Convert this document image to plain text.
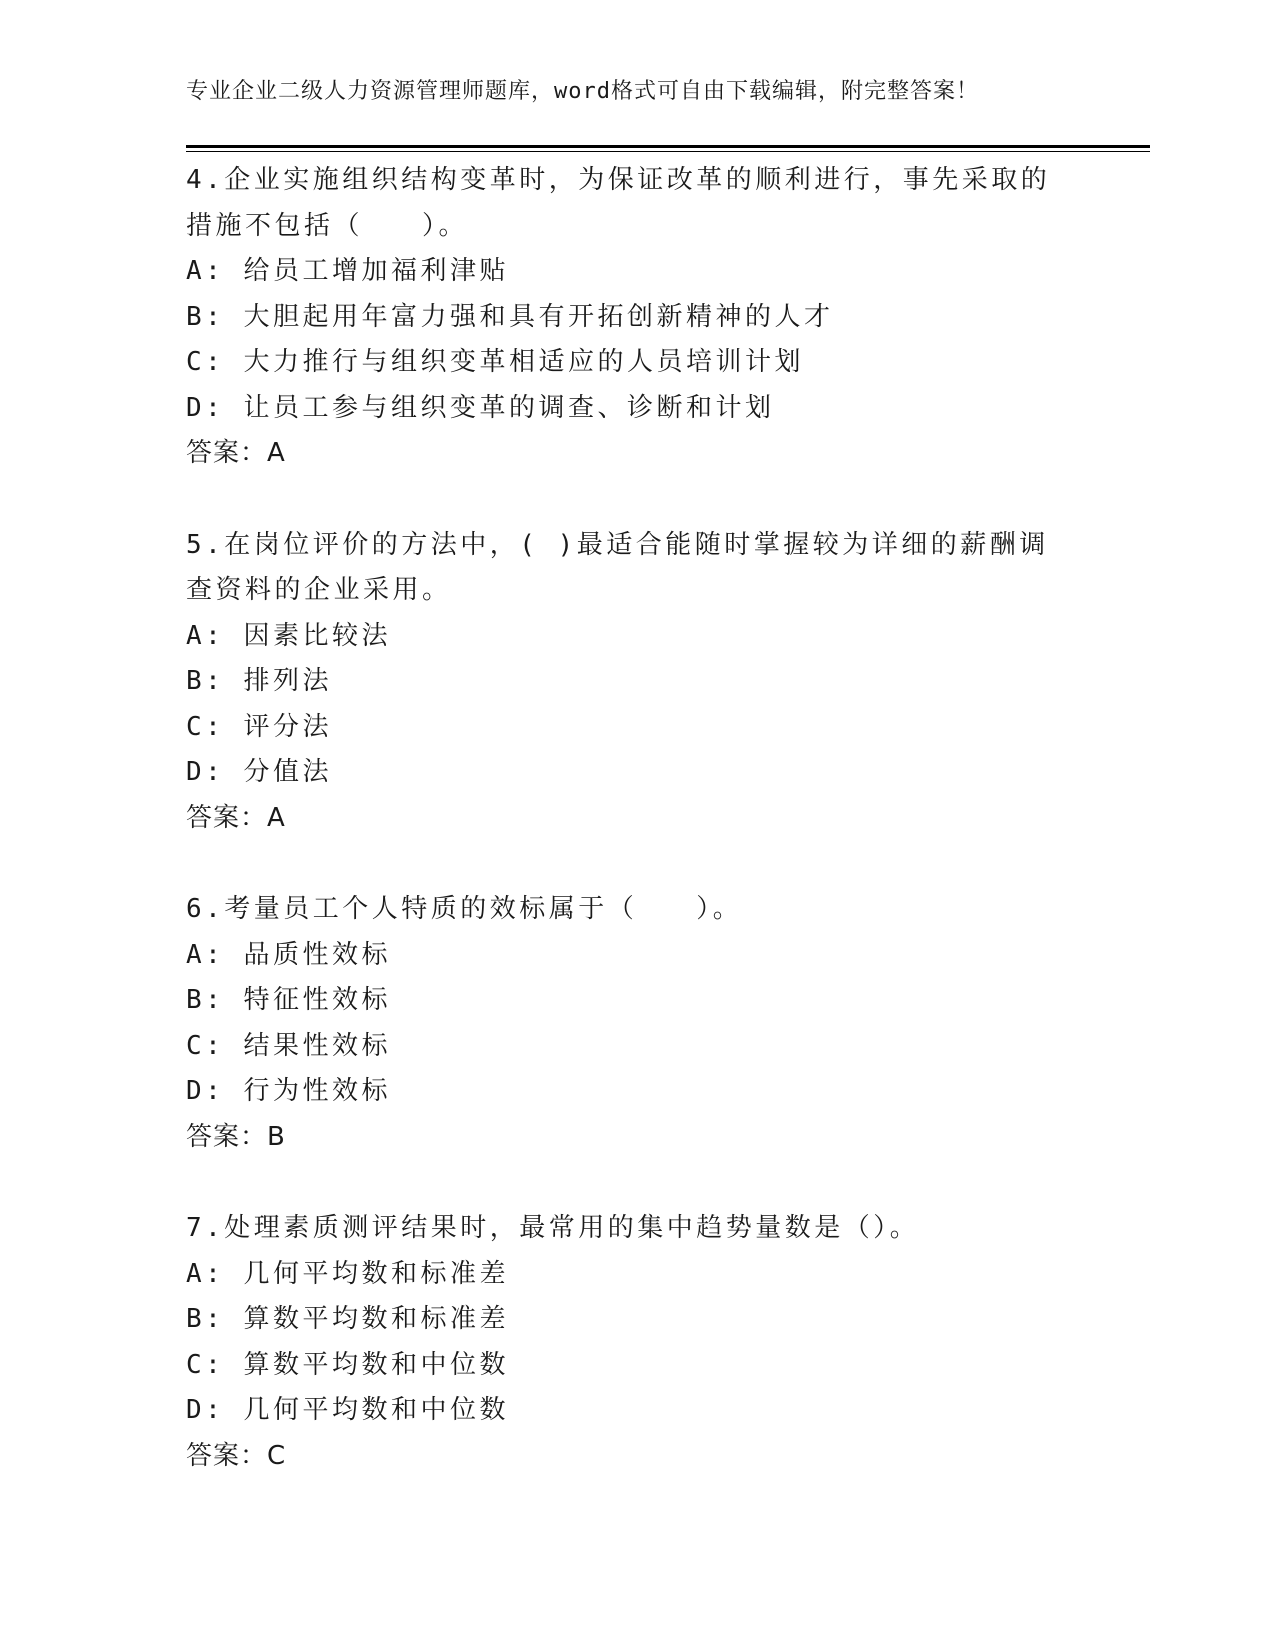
专业企业二级人力资源管理师题库，word格式可自由下载编辑，附完整答案！
4.企业实施组织结构变革时，为保证改革的顺利进行，事先采取的措施不包括（　　）。
A: 给员工增加福利津贴
B: 大胆起用年富力强和具有开拓创新精神的人才
C: 大力推行与组织变革相适应的人员培训计划
D: 让员工参与组织变革的调查、诊断和计划
答案：A
5.在岗位评价的方法中，( )最适合能随时掌握较为详细的薪酬调查资料的企业采用。
A: 因素比较法
B: 排列法
C: 评分法
D: 分值法
答案：A
6.考量员工个人特质的效标属于（　　）。
A: 品质性效标
B: 特征性效标
C: 结果性效标
D: 行为性效标
答案：B
7.处理素质测评结果时，最常用的集中趋势量数是（）。
A: 几何平均数和标准差
B: 算数平均数和标准差
C: 算数平均数和中位数
D: 几何平均数和中位数
答案：C
